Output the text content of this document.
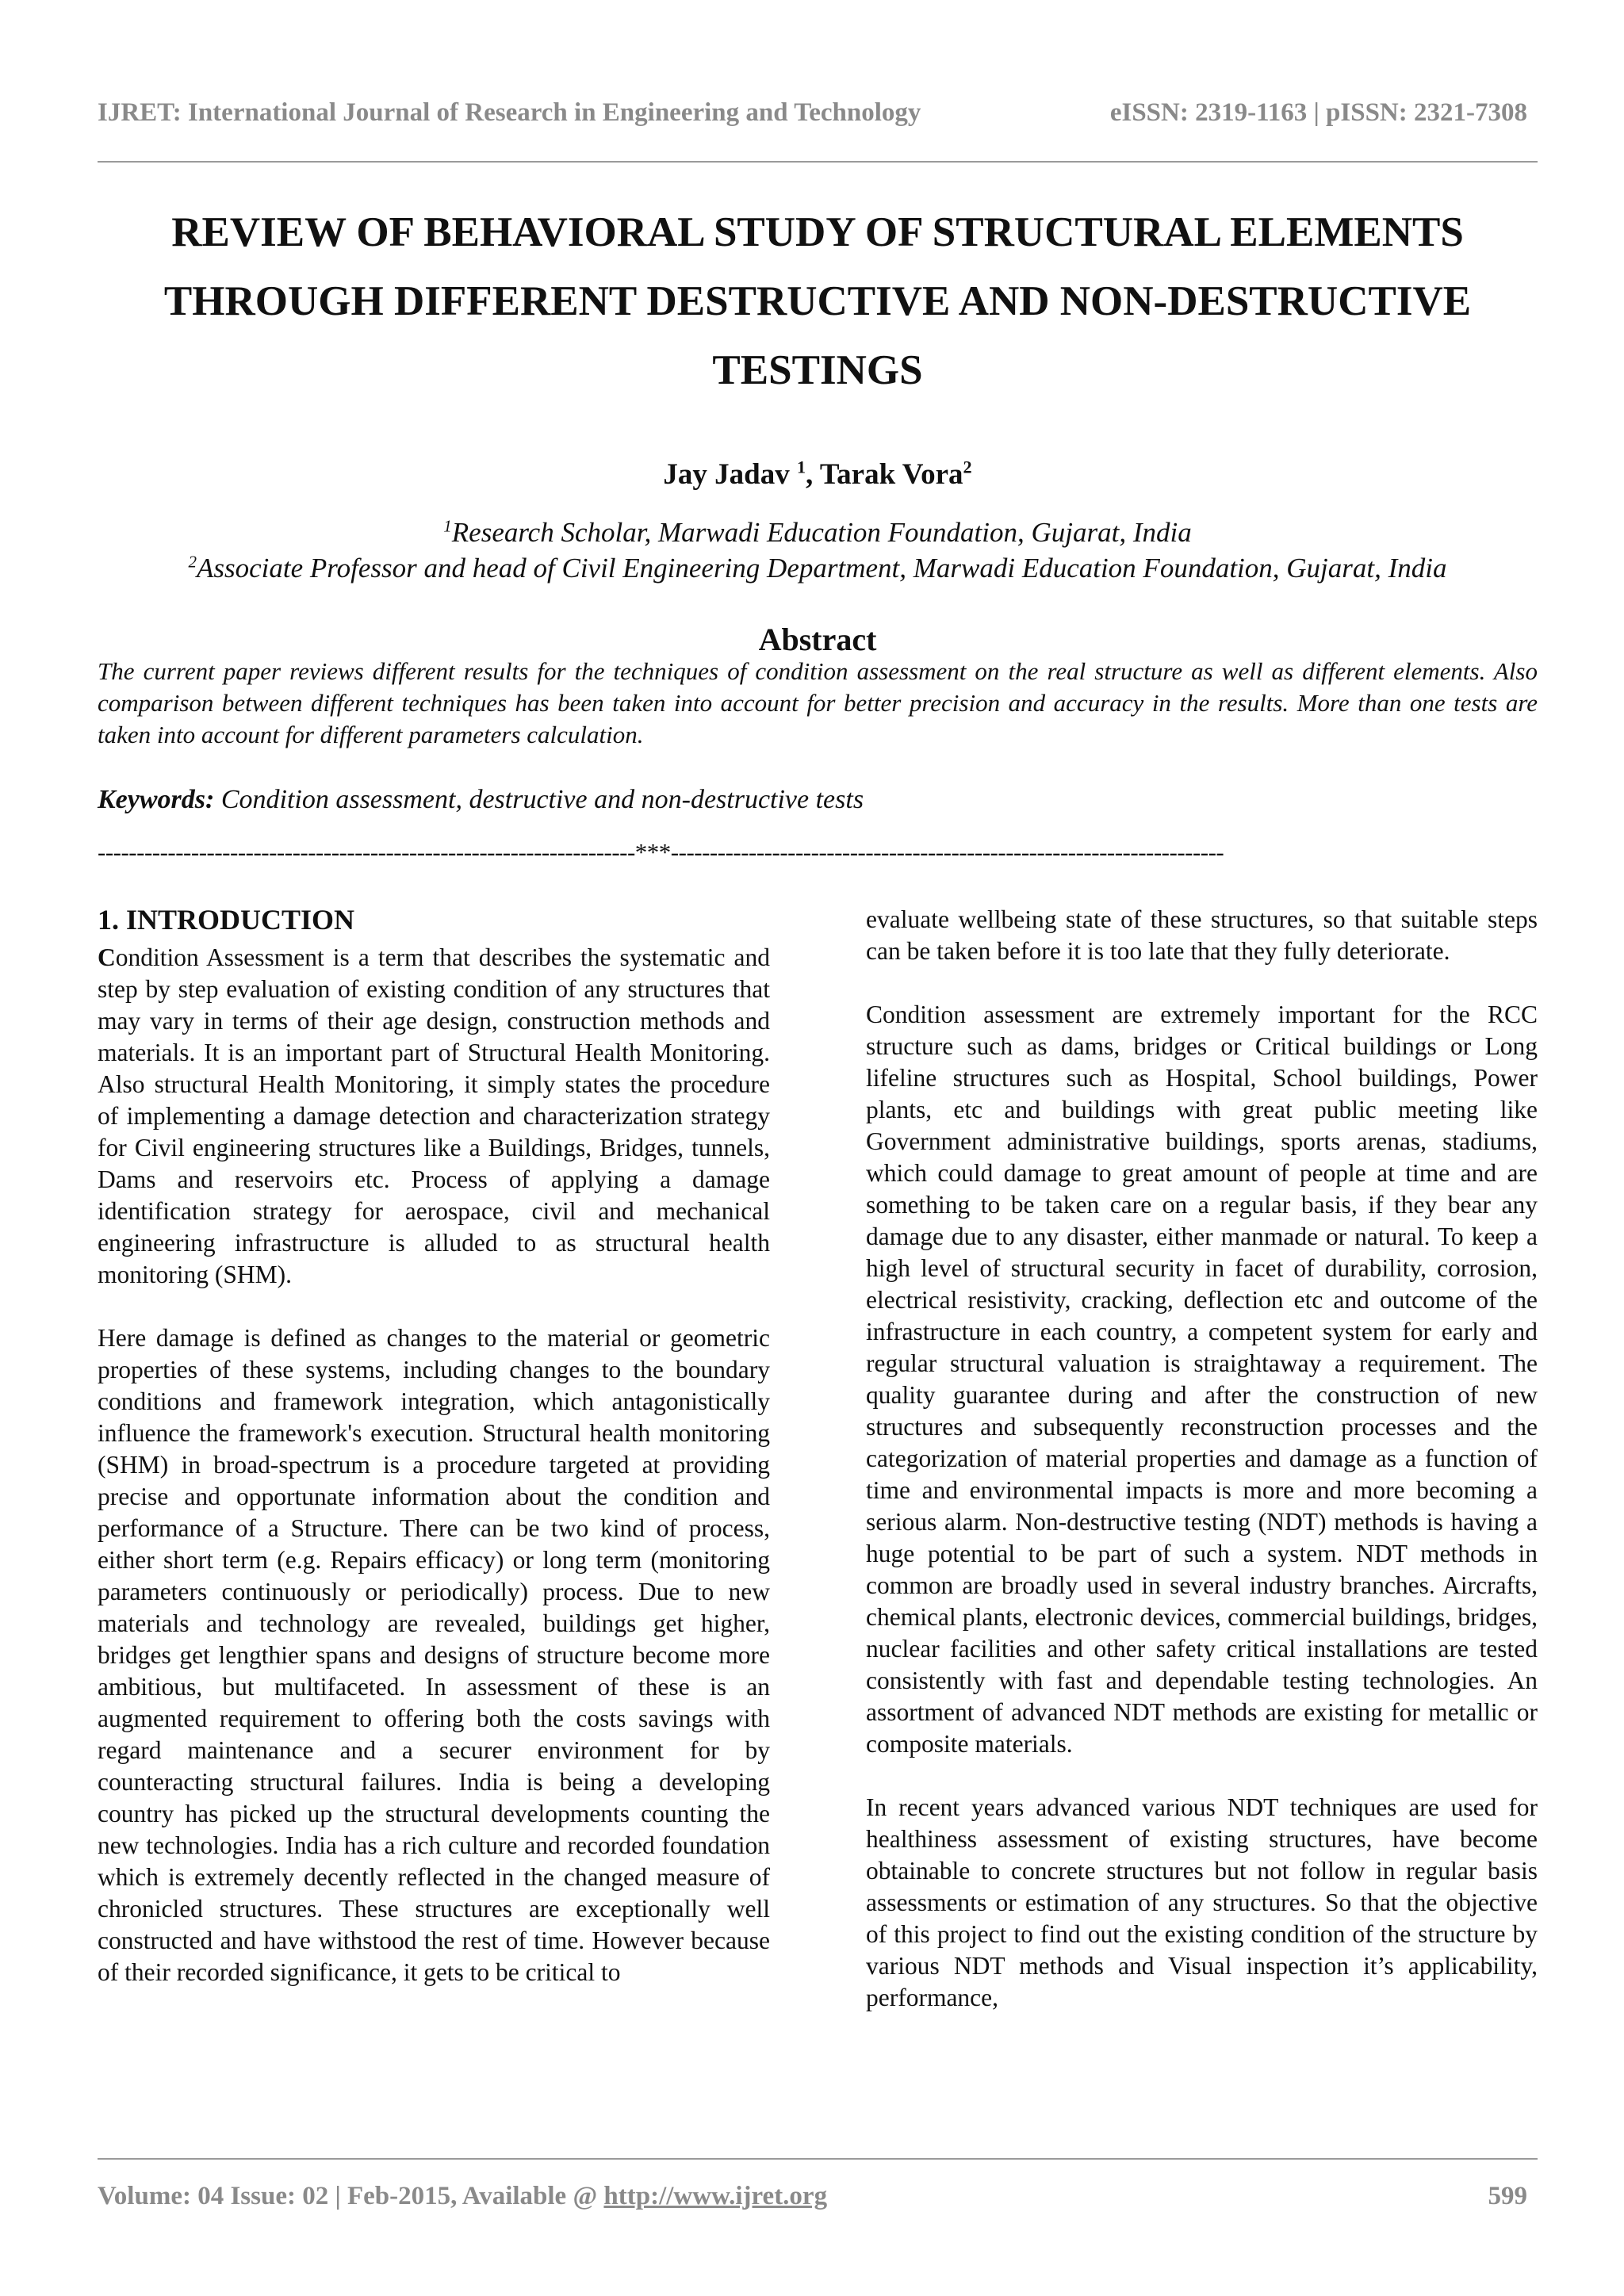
IJRET: International Journal of Research in Engineering and Technology	eISSN: 2319-1163 | pISSN: 2321-7308
REVIEW OF BEHAVIORAL STUDY OF STRUCTURAL ELEMENTS
THROUGH DIFFERENT DESTRUCTIVE AND NON-DESTRUCTIVE
TESTINGS
Jay Jadav $^1$, Tarak Vora$^2$
$^1$Research Scholar, Marwadi Education Foundation, Gujarat, India
$^2$Associate Professor and head of Civil Engineering Department, Marwadi Education Foundation, Gujarat, India
Abstract
The current paper reviews different results for the techniques of condition assessment on the real structure as well as different elements. Also comparison between different techniques has been taken into account for better precision and accuracy in the results. More than one tests are taken into account for different parameters calculation.
Keywords: Condition assessment, destructive and non-destructive tests
---------------------------------------------------------------------***-----------------------------------------------------------------------
1. INTRODUCTION

Condition Assessment is a term that describes the systematic and step by step evaluation of existing condition of any structures that may vary in terms of their age design, construction methods and materials. It is an important part of Structural Health Monitoring. Also structural Health Monitoring, it simply states the procedure of implementing a damage detection and characterization strategy for Civil engineering structures like a Buildings, Bridges, tunnels, Dams and reservoirs etc. Process of applying a damage identification strategy for aerospace, civil and mechanical engineering infrastructure is alluded to as structural health monitoring (SHM).

Here damage is defined as changes to the material or geometric properties of these systems, including changes to the boundary conditions and framework integration, which antagonistically influence the framework's execution. Structural health monitoring (SHM) in broad-spectrum is a procedure targeted at providing precise and opportunate information about the condition and performance of a Structure. There can be two kind of process, either short term (e.g. Repairs efficacy) or long term (monitoring parameters continuously or periodically) process. Due to new materials and technology are revealed, buildings get higher, bridges get lengthier spans and designs of structure become more ambitious, but multifaceted. In assessment of these is an augmented requirement to offering both the costs savings with regard maintenance and a securer environment for by counteracting structural failures. India is being a developing country has picked up the structural developments counting the new technologies. India has a rich culture and recorded foundation which is extremely decently reflected in the changed measure of chronicled structures. These structures are exceptionally well constructed and have withstood the rest of time. However because of their recorded significance, it gets to be critical to

evaluate wellbeing state of these structures, so that suitable steps can be taken before it is too late that they fully deteriorate.

Condition assessment are extremely important for the RCC structure such as dams, bridges or Critical buildings or Long lifeline structures such as Hospital, School buildings, Power plants, etc and buildings with great public meeting like Government administrative buildings, sports arenas, stadiums, which could damage to great amount of people at time and are something to be taken care on a regular basis, if they bear any damage due to any disaster, either manmade or natural. To keep a high level of structural security in facet of durability, corrosion, electrical resistivity, cracking, deflection etc and outcome of the infrastructure in each country, a competent system for early and regular structural valuation is straightaway a requirement. The quality guarantee during and after the construction of new structures and subsequently reconstruction processes and the categorization of material properties and damage as a function of time and environmental impacts is more and more becoming a serious alarm. Non-destructive testing (NDT) methods is having a huge potential to be part of such a system. NDT methods in common are broadly used in several industry branches. Aircrafts, chemical plants, electronic devices, commercial buildings, bridges, nuclear facilities and other safety critical installations are tested consistently with fast and dependable testing technologies. An assortment of advanced NDT methods are existing for metallic or composite materials.

In recent years advanced various NDT techniques are used for healthiness assessment of existing structures, have become obtainable to concrete structures but not follow in regular basis assessments or estimation of any structures. So that the objective of this project to find out the existing condition of the structure by various NDT methods and Visual inspection it’s applicability, performance,

Volume: 04 Issue: 02 | Feb-2015, Available @ http://www.ijret.org	599
